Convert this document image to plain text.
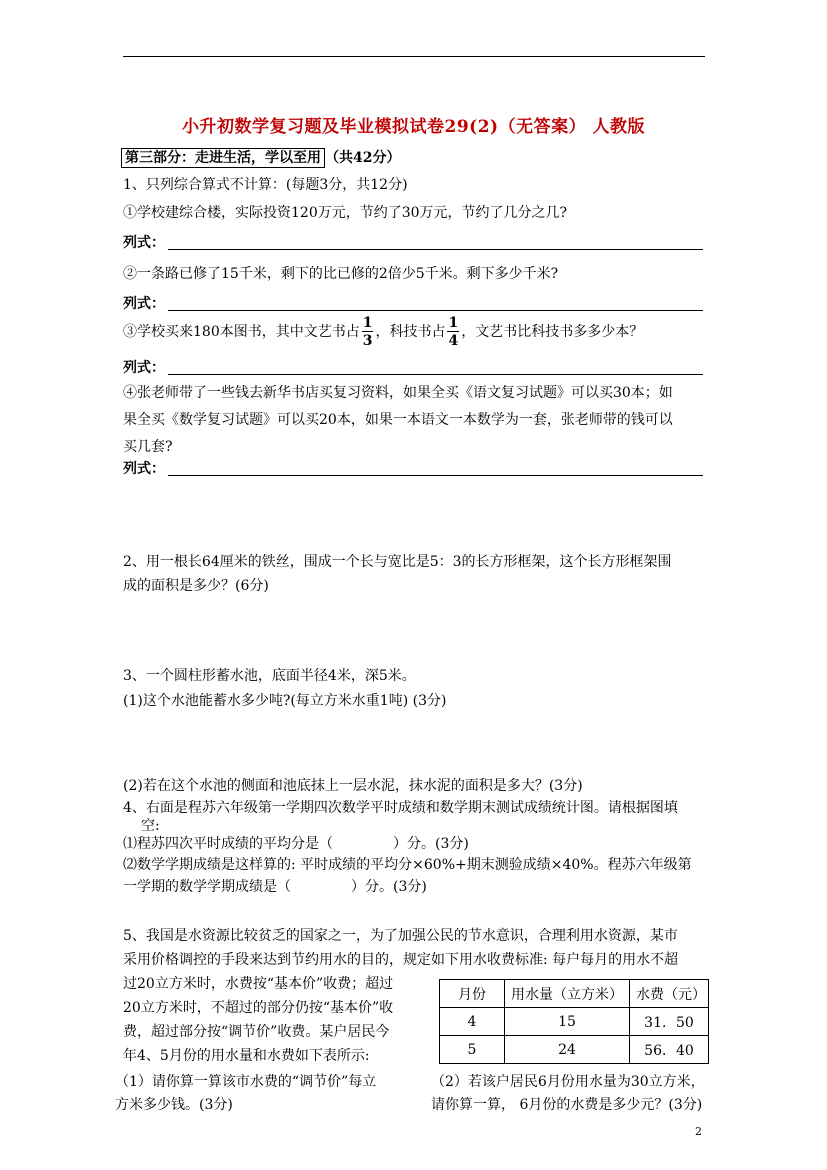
小升初数学复习题及毕业模拟试卷29(2)（无答案） 人教版
第三部分：走进生活，学以至用 （共42分）
1、只列综合算式不计算：(每题3分，共12分)
①学校建综合楼，实际投资120万元，节约了30万元，节约了几分之几?
列式：
②一条路已修了15千米，剩下的比已修的2倍少5千米。剩下多少千米?
列式：
③学校买来180本图书，其中文艺书占 $\frac{1}{3}$ ，科技书占 $\frac{1}{4}$ ，文艺书比科技书多多少本？
列式：
④张老师带了一些钱去新华书店买复习资料，如果全买《语文复习试题》可以买30本；如
果全买《数学复习试题》可以买20本，如果一本语文一本数学为一套，张老师带的钱可以
买几套?
列式：
2、用一根长64厘米的铁丝，围成一个长与宽比是5：3的长方形框架，这个长方形框架围
成的面积是多少？(6分)
3、一个圆柱形蓄水池，底面半径4米，深5米。
(1)这个水池能蓄水多少吨?(每立方米水重1吨) (3分)
(2)若在这个水池的侧面和池底抹上一层水泥，抹水泥的面积是多大？(3分)
4、右面是程苏六年级第一学期四次数学平时成绩和数学期末测试成绩统计图。请根据图填
空:
⑴程苏四次平时成绩的平均分是（	）分。(3分)
⑵数学学期成绩是这样算的: 平时成绩的平均分×60%+期末测验成绩×40%。程苏六年级第
一学期的数学学期成绩是（	）分。(3分)
5、我国是水资源比较贫乏的国家之一，为了加强公民的节水意识，合理利用水资源，某市
采用价格调控的手段来达到节约用水的目的，规定如下用水收费标准: 每户每月的用水不超
过20立方米时，水费按“基本价”收费；超过
20立方米时，不超过的部分仍按“基本价”收
费，超过部分按“调节价”收费。某户居民今
年4、5月份的用水量和水费如下表所示:
月份	用水量（立方米）	水费（元）
4	15	31．50
5	24	56．40
（1）请你算一算该市水费的“调节价”每立
方米多少钱。(3分)
（2）若该户居民6月份用水量为30立方米，
请你算一算， 6月份的水费是多少元？(3分)
2
